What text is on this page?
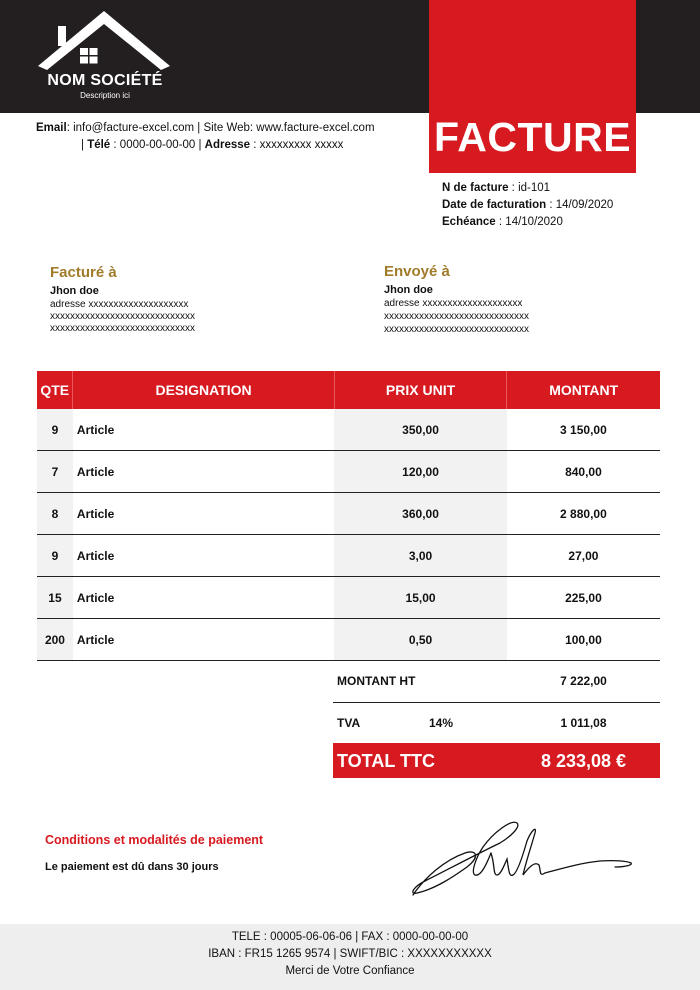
NOM SOCIÉTÉ
Description ici
FACTURE
Email: info@facture-excel.com | Site Web: www.facture-excel.com
| Télé : 0000-00-00-00 | Adresse : xxxxxxxxx xxxxx
N de facture : id-101
Date de facturation : 14/09/2020
Echéance : 14/10/2020
Facturé à
Jhon doe
adresse xxxxxxxxxxxxxxxxxxxx
xxxxxxxxxxxxxxxxxxxxxxxxxxxxx
xxxxxxxxxxxxxxxxxxxxxxxxxxxxx
Envoyé à
Jhon doe
adresse xxxxxxxxxxxxxxxxxxxx
xxxxxxxxxxxxxxxxxxxxxxxxxxxxx
xxxxxxxxxxxxxxxxxxxxxxxxxxxxx
QTE	DESIGNATION	PRIX UNIT	MONTANT
9	Article	350,00	3 150,00
7	Article	120,00	840,00
8	Article	360,00	2 880,00
9	Article	3,00	27,00
15	Article	15,00	225,00
200	Article	0,50	100,00
MONTANT HT	7 222,00
TVA	14%	1 011,08
TOTAL TTC	8 233,08 €
Conditions et modalités de paiement
Le paiement est dû dans 30 jours
TELE : 00005-06-06-06 | FAX : 0000-00-00-00
IBAN : FR15 1265 9574 | SWIFT/BIC : XXXXXXXXXXX
Merci de Votre Confiance
